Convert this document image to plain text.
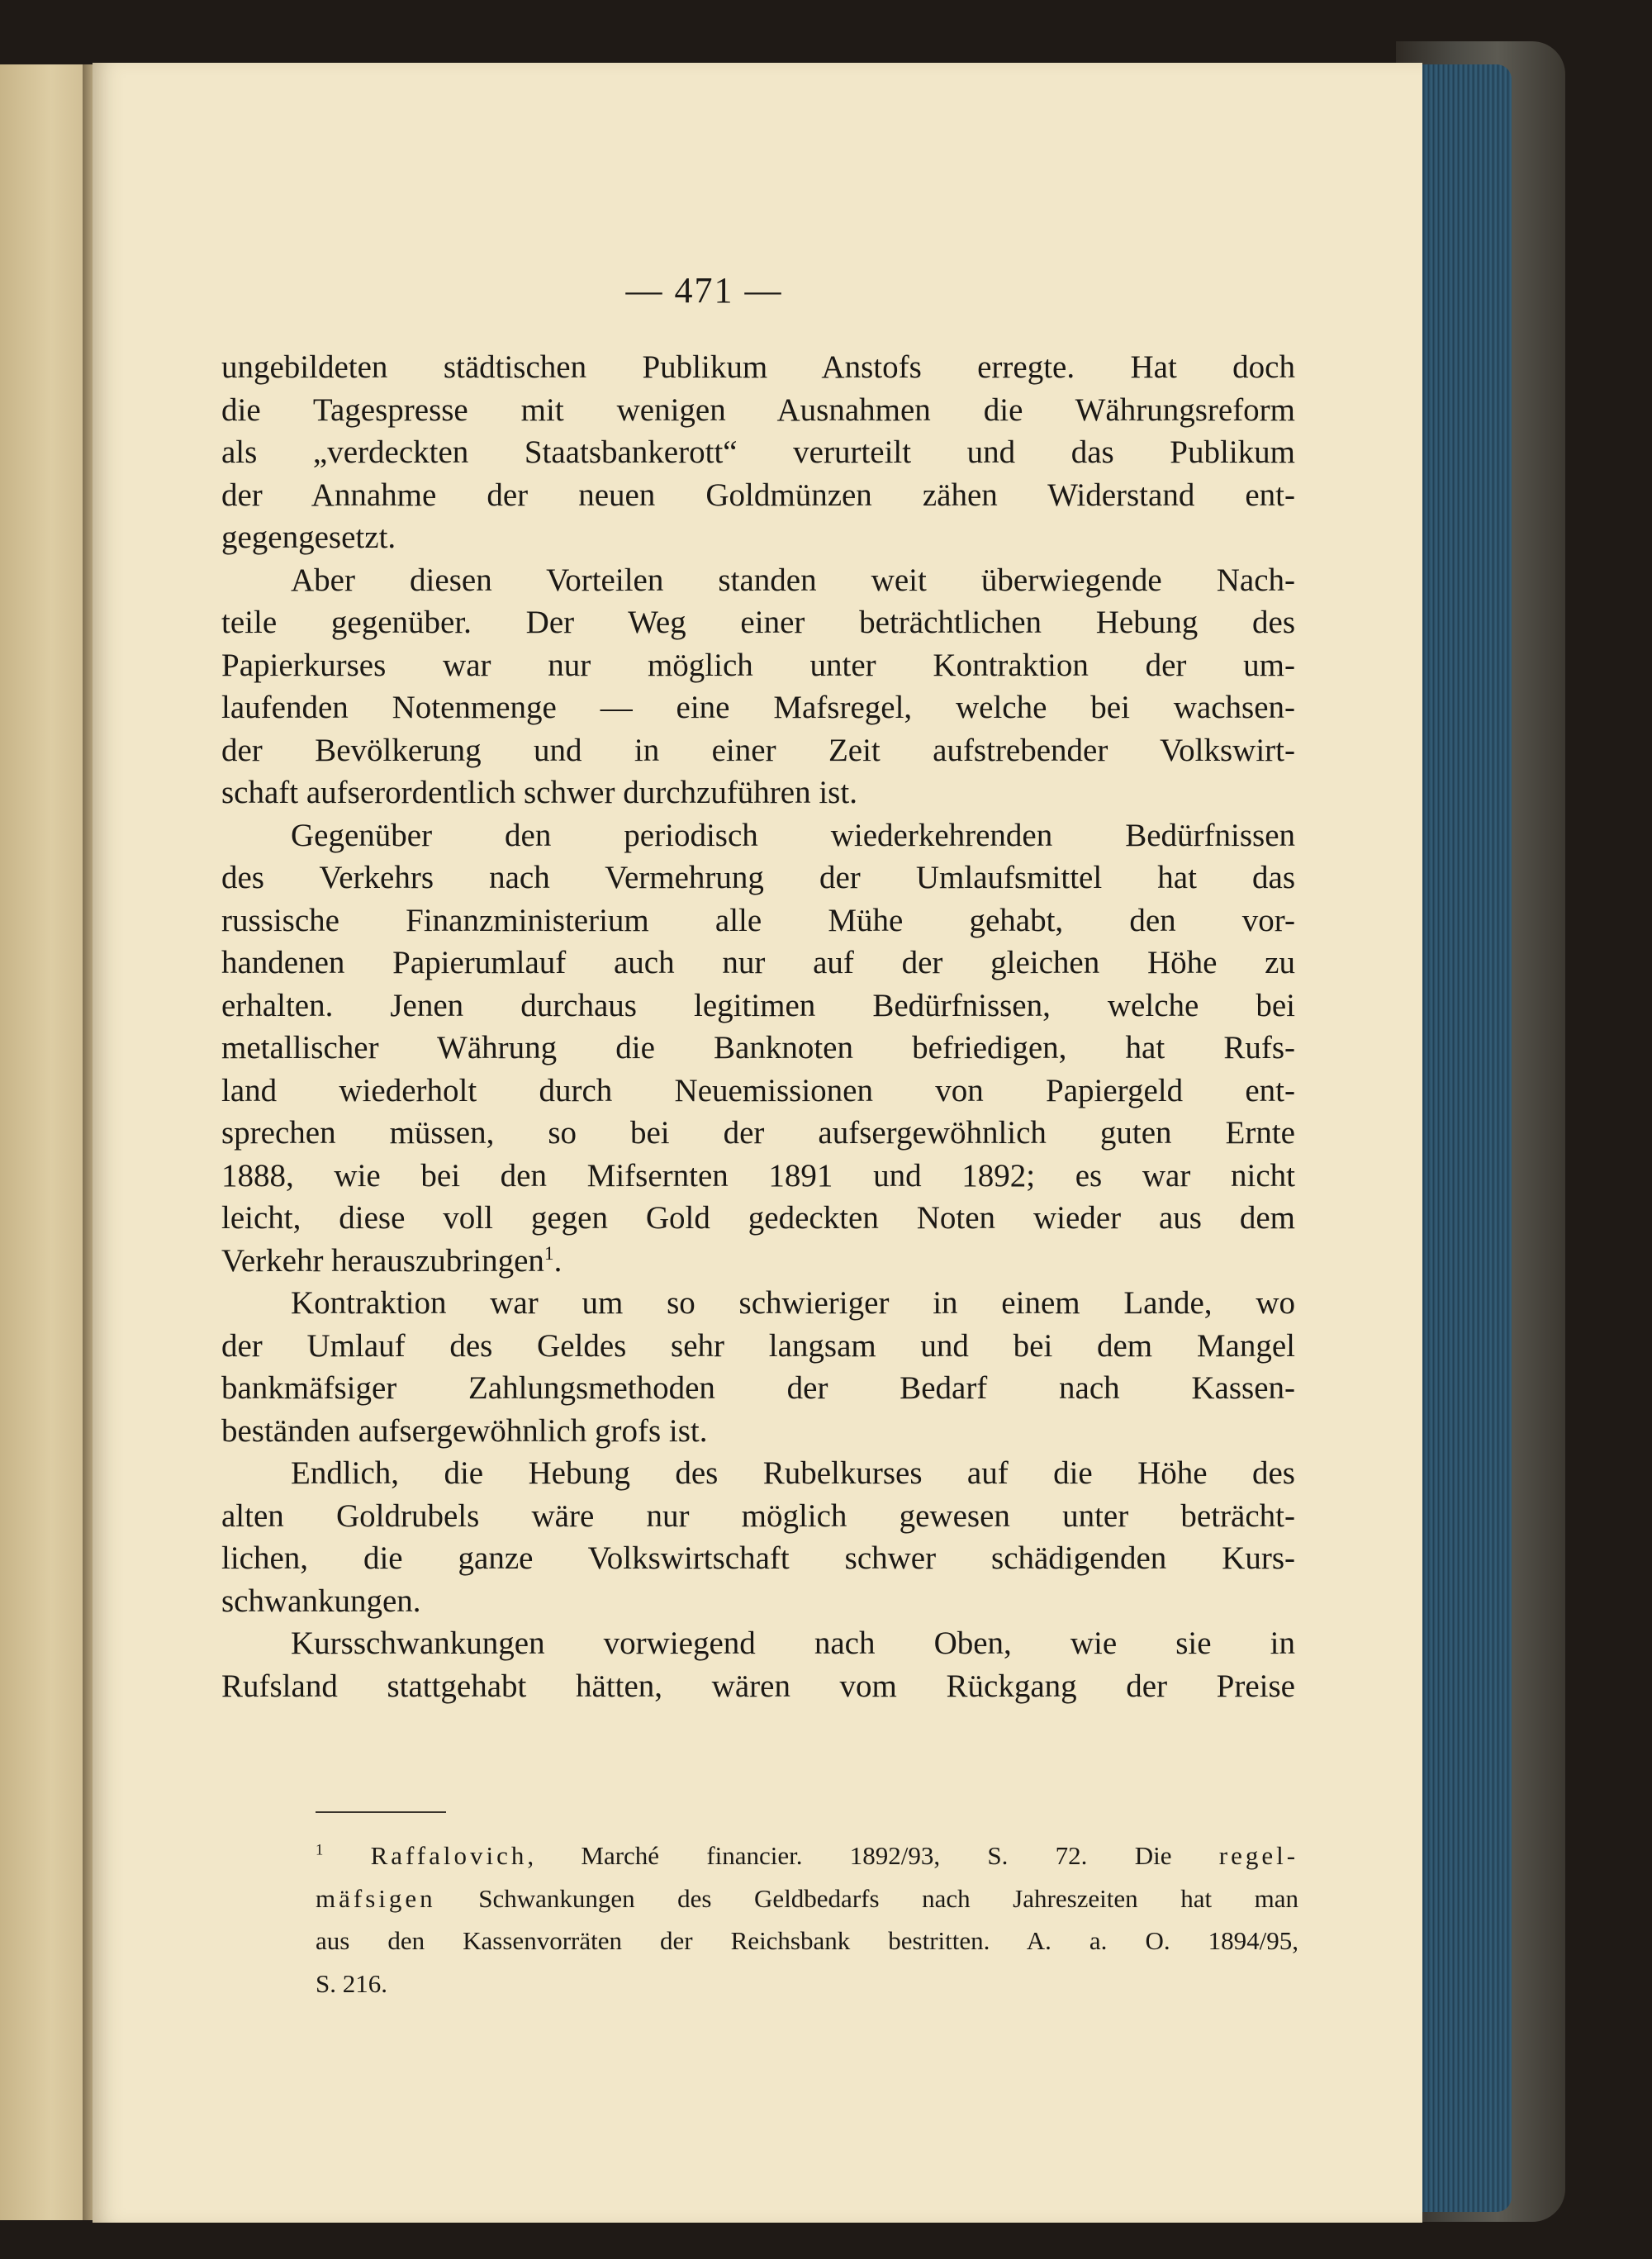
— 471 —
ungebildeten städtischen Publikum Anstofs erregte. Hat doch
die Tagespresse mit wenigen Ausnahmen die Währungsreform
als „verdeckten Staatsbankerott“ verurteilt und das Publikum
der Annahme der neuen Goldmünzen zähen Widerstand ent-
gegengesetzt.
Aber diesen Vorteilen standen weit überwiegende Nach-
teile gegenüber. Der Weg einer beträchtlichen Hebung des
Papierkurses war nur möglich unter Kontraktion der um-
laufenden Notenmenge — eine Mafsregel, welche bei wachsen-
der Bevölkerung und in einer Zeit aufstrebender Volkswirt-
schaft aufserordentlich schwer durchzuführen ist.
Gegenüber den periodisch wiederkehrenden Bedürfnissen
des Verkehrs nach Vermehrung der Umlaufsmittel hat das
russische Finanzministerium alle Mühe gehabt, den vor-
handenen Papierumlauf auch nur auf der gleichen Höhe zu
erhalten. Jenen durchaus legitimen Bedürfnissen, welche bei
metallischer Währung die Banknoten befriedigen, hat Rufs-
land wiederholt durch Neuemissionen von Papiergeld ent-
sprechen müssen, so bei der aufsergewöhnlich guten Ernte
1888, wie bei den Mifsernten 1891 und 1892; es war nicht
leicht, diese voll gegen Gold gedeckten Noten wieder aus dem
Verkehr herauszubringen$^1$.
Kontraktion war um so schwieriger in einem Lande, wo
der Umlauf des Geldes sehr langsam und bei dem Mangel
bankmäfsiger Zahlungsmethoden der Bedarf nach Kassen-
beständen aufsergewöhnlich grofs ist.
Endlich, die Hebung des Rubelkurses auf die Höhe des
alten Goldrubels wäre nur möglich gewesen unter beträcht-
lichen, die ganze Volkswirtschaft schwer schädigenden Kurs-
schwankungen.
Kursschwankungen vorwiegend nach Oben, wie sie in
Rufsland stattgehabt hätten, wären vom Rückgang der Preise
$^1$ Raffalovich, Marché financier. 1892/93, S. 72. Die regel-
mäfsigen Schwankungen des Geldbedarfs nach Jahreszeiten hat man
aus den Kassenvorräten der Reichsbank bestritten. A. a. O. 1894/95,
S. 216.
